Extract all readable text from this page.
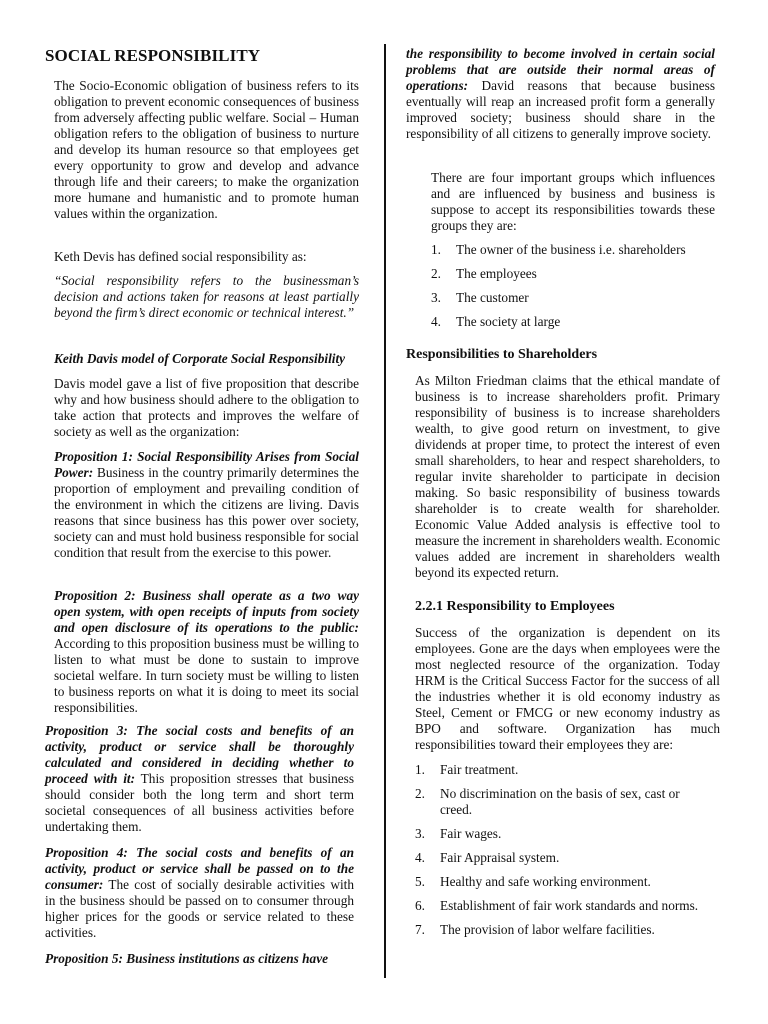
SOCIAL RESPONSIBILITY

The Socio-Economic obligation of business refers to its obligation to prevent economic consequences of business from adversely affecting public welfare. Social – Human obligation refers to the obligation of business to nurture and develop its human resource so that employees get every opportunity to grow and develop and advance through life and their careers; to make the organization more humane and humanistic and to promote human values within the organization.

Keth Devis has defined social responsibility as:

“Social responsibility refers to the businessman’s decision and actions taken for reasons at least partially beyond the firm’s direct economic or technical interest.”

Keith Davis model of Corporate Social Responsibility

Davis model gave a list of five proposition that describe why and how business should adhere to the obligation to take action that protects and improves the welfare of society as well as the organization:

Proposition 1: Social Responsibility Arises from Social Power: Business in the country primarily determines the proportion of employment and prevailing condition of the environment in which the citizens are living. Davis reasons that since business has this power over society, society can and must hold business responsible for social condition that result from the exercise to this power.

Proposition 2: Business shall operate as a two way open system, with open receipts of inputs from society and open disclosure of its operations to the public: According to this proposition business must be willing to listen to what must be done to sustain to improve societal welfare. In turn society must be willing to listen to business reports on what it is doing to meet its social responsibilities.

Proposition 3: The social costs and benefits of an activity, product or service shall be thoroughly calculated and considered in deciding whether to proceed with it: This proposition stresses that business should consider both the long term and short term societal consequences of all business activities before undertaking them.

Proposition 4: The social costs and benefits of an activity, product or service shall be passed on to the consumer: The cost of socially desirable activities with in the business should be passed on to consumer through higher prices for the goods or service related to these activities.

Proposition 5: Business institutions as citizens have

the responsibility to become involved in certain social problems that are outside their normal areas of operations: David reasons that because business eventually will reap an increased profit form a generally improved society; business should share in the responsibility of all citizens to generally improve society.

There are four important groups which influences and are influenced by business and business is suppose to accept its responsibilities towards these groups they are:

1. The owner of the business i.e. shareholders
2. The employees
3. The customer
4. The society at large
Responsibilities to Shareholders

As Milton Friedman claims that the ethical mandate of business is to increase shareholders profit. Primary responsibility of business is to increase shareholders wealth, to give good return on investment, to give dividends at proper time, to protect the interest of even small shareholders, to hear and respect shareholders, to regular invite shareholder to participate in decision making. So basic responsibility of business towards shareholder is to create wealth for shareholder. Economic Value Added analysis is effective tool to measure the increment in shareholders wealth. Economic values added are increment in shareholders wealth beyond its expected return.

2.2.1 Responsibility to Employees

Success of the organization is dependent on its employees. Gone are the days when employees were the most neglected resource of the organization. Today HRM is the Critical Success Factor for the success of all the industries whether it is old economy industry as Steel, Cement or FMCG or new economy industry as BPO and software. Organization has much responsibilities toward their employees they are:

1. Fair treatment.
2. No discrimination on the basis of sex, cast or creed.
3. Fair wages.
4. Fair Appraisal system.
5. Healthy and safe working environment.
6. Establishment of fair work standards and norms.
7. The provision of labor welfare facilities.
